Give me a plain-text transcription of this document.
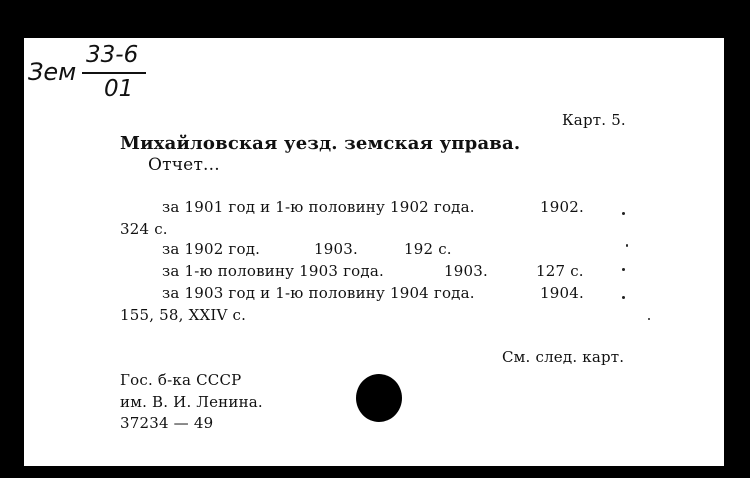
Зем
33-6
01
Карт. 5.
Михайловская уезд. земская управа.
Отчет...
за 1901 год и 1-ю половину 1902 года.	1902.
324 с.
за 1902 год.	1903.	192 с.
за 1-ю половину 1903 года.	1903.	127 с.
за 1903 год и 1-ю половину 1904 года.	1904.
155, 58, XXIV с.
См. след. карт.
Гос. б-ка СССР
им. В. И. Ленина.
37234 — 49
